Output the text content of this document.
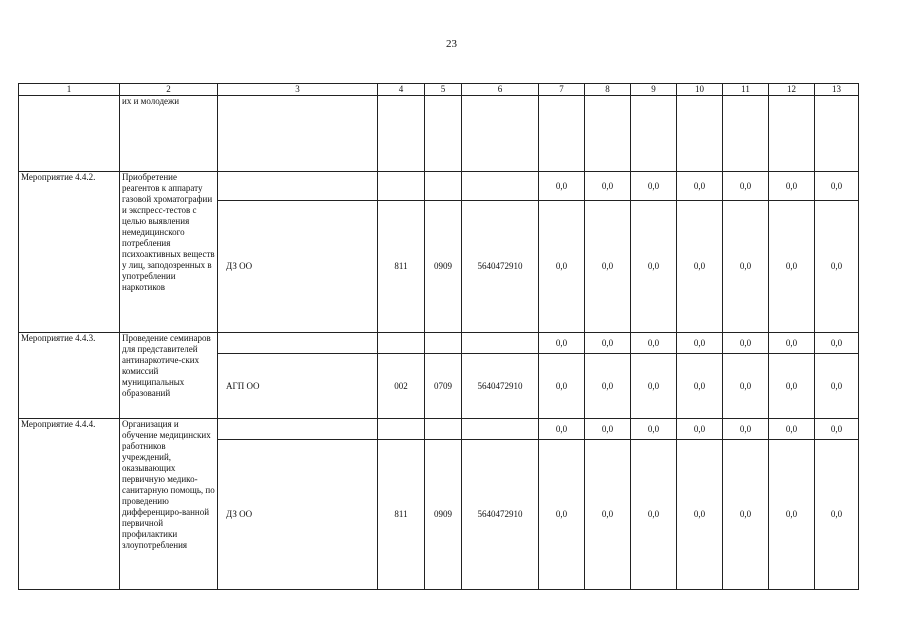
23
1	2	3	4	5	6	7	8	9	10	11	12	13
	их и молодежи											
Мероприятие 4.4.2.	Приобретение реагентов к аппарату газовой хроматографии и экспресс-тестов с целью выявления немедицинского потребления психоактивных веществ у лиц, заподозренных в употреблении наркотиков					0,0	0,0	0,0	0,0	0,0	0,0	0,0
		ДЗ ОО	811	0909	5640472910	0,0	0,0	0,0	0,0	0,0	0,0	0,0
Мероприятие 4.4.3.	Проведение семинаров для представителей антинаркотиче-ских комиссий муниципальных образований					0,0	0,0	0,0	0,0	0,0	0,0	0,0
		АГП ОО	002	0709	5640472910	0,0	0,0	0,0	0,0	0,0	0,0	0,0
Мероприятие 4.4.4.	Организация и обучение медицинских работников учреждений, оказывающих первичную медико-санитарную помощь, по проведению дифференциро-ванной первичной профилактики злоупотребления					0,0	0,0	0,0	0,0	0,0	0,0	0,0
		ДЗ ОО	811	0909	5640472910	0,0	0,0	0,0	0,0	0,0	0,0	0,0
